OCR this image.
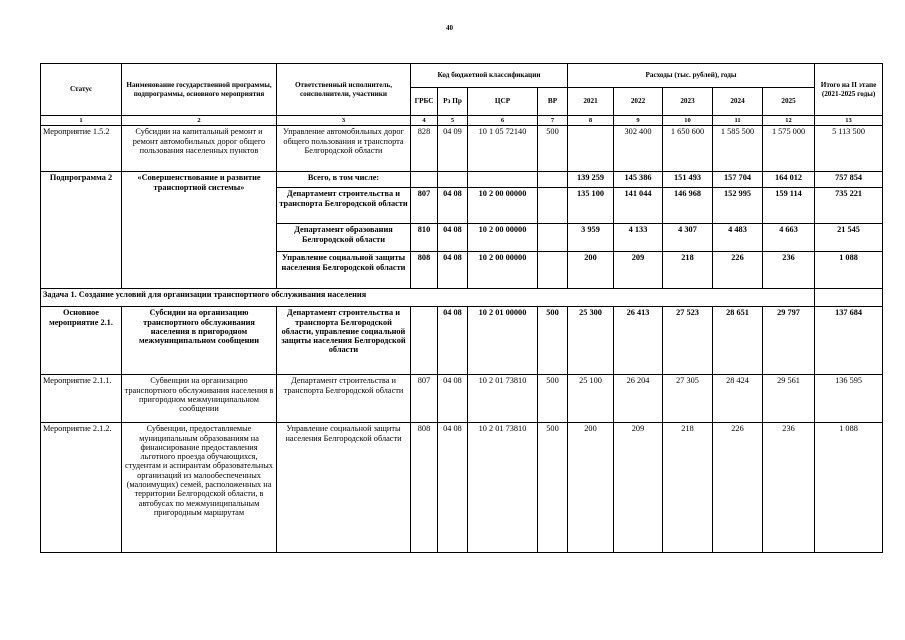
40
Статус	Наименование государственной программы, подпрограммы, основного мероприятия	Ответственный исполнитель, соисполнители, участники	Код бюджетной классификации				Расходы (тыс. рублей), годы					Итого на II этапе (2021-2025 годы)
			ГРБС	Рз Пр	ЦСР	ВР	2021	2022	2023	2024	2025	
1	2	3	4	5	6	7	8	9	10	11	12	13
Мероприятие 1.5.2	Субсидии на капитальный ремонт и ремонт автомобильных дорог общего пользования населенных пунктов	Управление автомобильных дорог общего пользования и транспорта Белгородской области	828	04 09	10 1 05 72140	500		302 400	1 650 600	1 585 500	1 575 000	5 113 500
Подпрограмма 2	«Совершенствование и развитие транспортной системы»	Всего, в том числе:					139 259	145 386	151 493	157 704	164 012	757 854
		Департамент строительства и транспорта Белгородской области	807	04 08	10 2 00 00000		135 100	141 044	146 968	152 995	159 114	735 221
		Департамент образования Белгородской области	810	04 08	10 2 00 00000		3 959	4 133	4 307	4 483	4 663	21 545
		Управление социальной защиты населения Белгородской области	808	04 08	10 2 00 00000		200	209	218	226	236	1 088
Задача 1. Создание условий для организации транспортного обслуживания населения												
Основное мероприятие 2.1.	Субсидии на организацию транспортного обслуживания населения в пригородном межмуниципальном сообщении	Департамент строительства и транспорта Белгородской области, управление социальной защиты населения Белгородской области		04 08	10 2 01 00000	500	25 300	26 413	27 523	28 651	29 797	137 684
Мероприятие 2.1.1.	Субвенции на организацию транспортного обслуживания населения в пригородном межмуниципальном сообщении	Департамент строительства и транспорта Белгородской области	807	04 08	10 2 01 73810	500	25 100	26 204	27 305	28 424	29 561	136 595
Мероприятие 2.1.2.	Субвенции, предоставляемые муниципальным образованиям на финансирование предоставления льготного проезда обучающихся, студентам и аспирантам образовательных организаций из малообеспеченных (малоимущих) семей, расположенных на территории Белгородской области, в автобусах по межмуниципальным пригородным маршрутам	Управление социальной защиты населения Белгородской области	808	04 08	10 2 01 73810	500	200	209	218	226	236	1 088
